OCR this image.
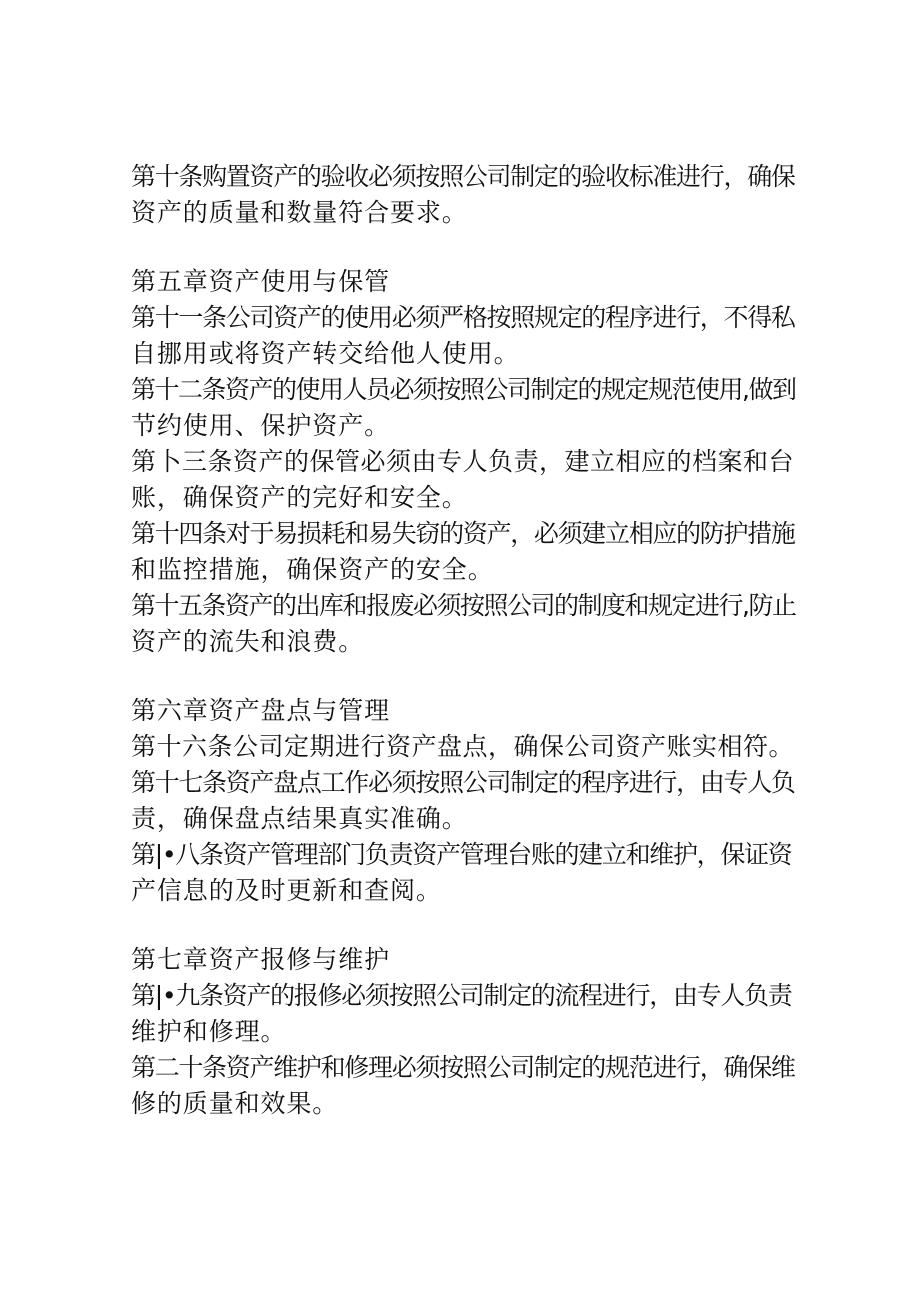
第十条购置资产的验收必须按照公司制定的验收标准进行，确保
资产的质量和数量符合要求。
第五章资产使用与保管
第十一条公司资产的使用必须严格按照规定的程序进行，不得私
自挪用或将资产转交给他人使用。
第十二条资产的使用人员必须按照公司制定的规定规范使用,做到
节约使用、保护资产。
第卜三条资产的保管必须由专人负责，建立相应的档案和台
账，确保资产的完好和安全。
第十四条对于易损耗和易失窃的资产，必须建立相应的防护措施
和监控措施，确保资产的安全。
第十五条资产的出库和报废必须按照公司的制度和规定进行,防止
资产的流失和浪费。
第六章资产盘点与管理
第十六条公司定期进行资产盘点，确保公司资产账实相符。
第十七条资产盘点工作必须按照公司制定的程序进行，由专人负
责，确保盘点结果真实准确。
第|•八条资产管理部门负责资产管理台账的建立和维护，保证资
产信息的及时更新和查阅。
第七章资产报修与维护
第|•九条资产的报修必须按照公司制定的流程进行，由专人负责
维护和修理。
第二十条资产维护和修理必须按照公司制定的规范进行，确保维
修的质量和效果。
